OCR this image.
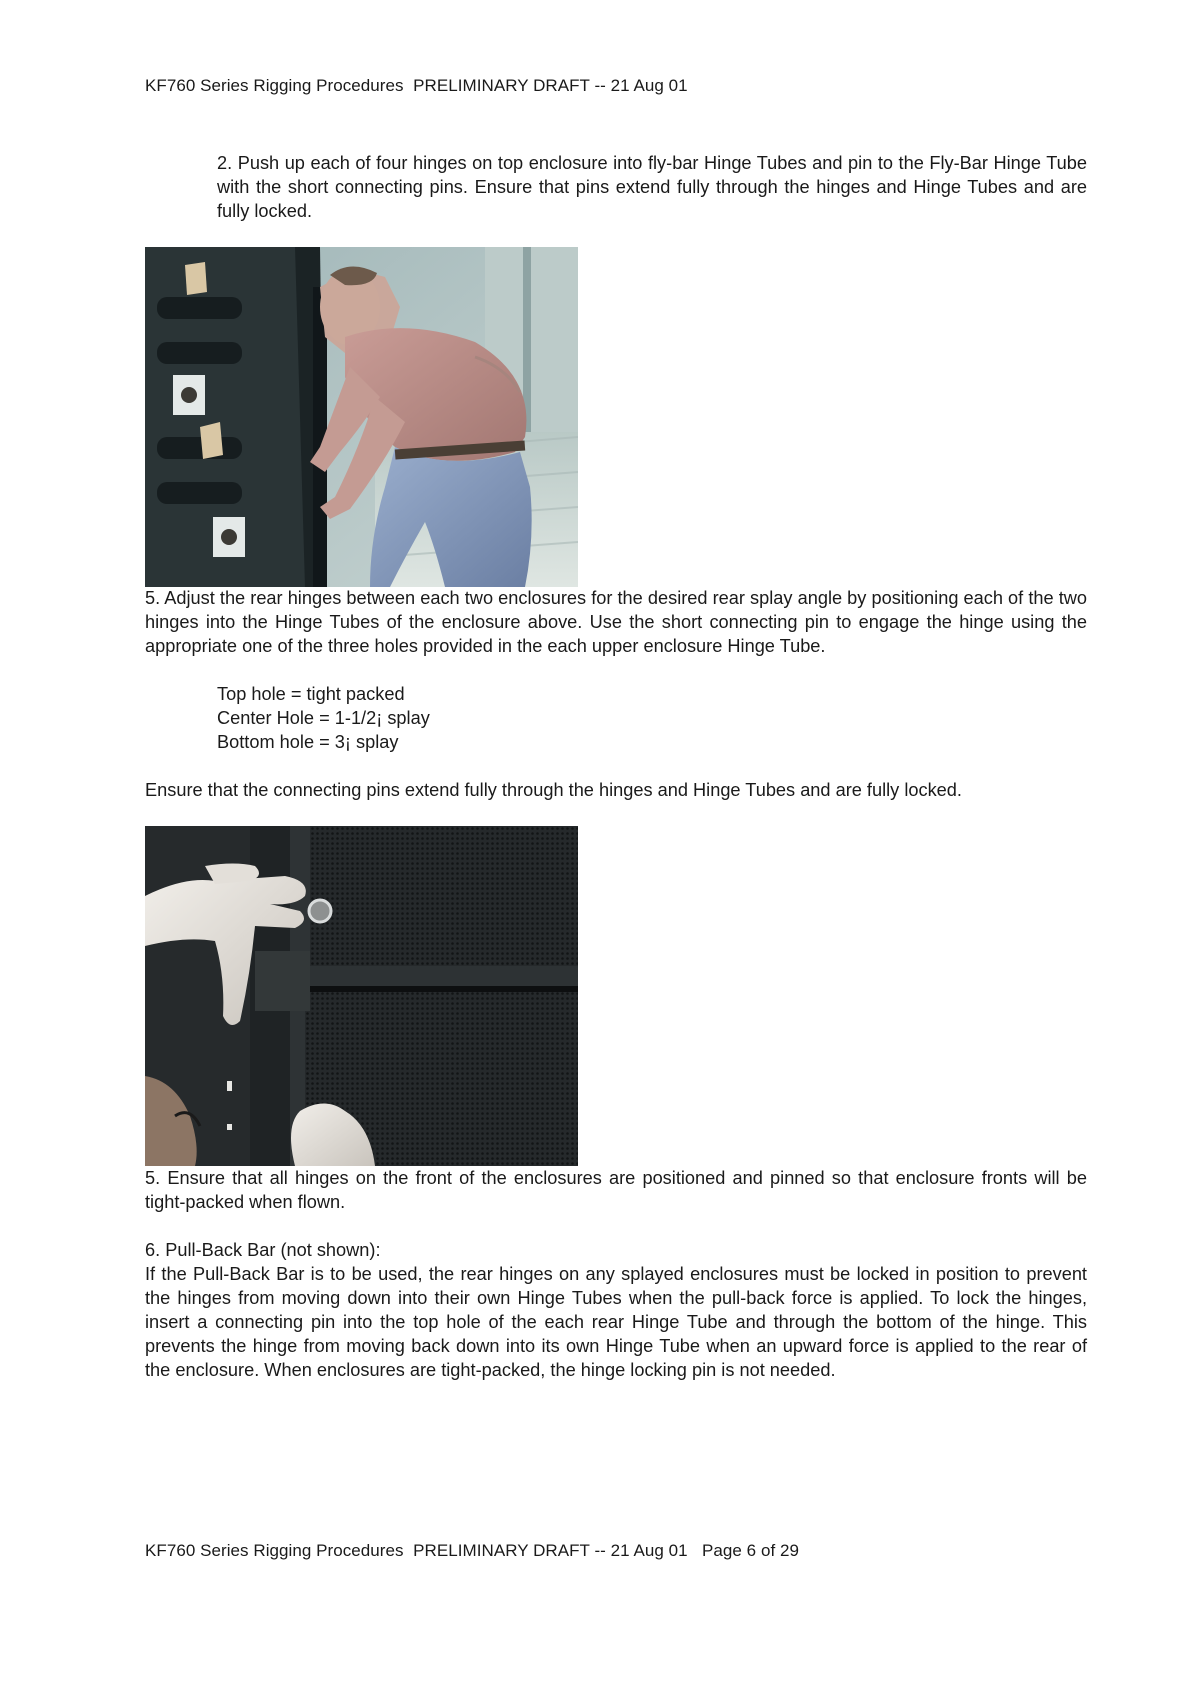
KF760 Series Rigging Procedures  PRELIMINARY DRAFT -- 21 Aug 01
2. Push up each of four hinges on top enclosure into fly-bar Hinge Tubes and pin to the Fly-Bar Hinge Tube with the short connecting pins. Ensure that pins extend fully through the hinges and Hinge Tubes and are fully locked.
5. Adjust the rear hinges between each two enclosures for the desired rear splay angle by positioning each of the two hinges into the Hinge Tubes of the enclosure above. Use the short connecting pin to engage the hinge using the appropriate one of the three holes provided in the each upper enclosure Hinge Tube.
Top hole = tight packed
Center Hole = 1-1/2¡ splay
Bottom hole = 3¡ splay
Ensure that the connecting pins extend fully through the hinges and Hinge Tubes and are fully locked.
5. Ensure that all hinges on the front of the enclosures are positioned and pinned so that enclosure fronts will be tight-packed when flown.
6. Pull-Back Bar (not shown):
If the Pull-Back Bar is to be used, the rear hinges on any splayed enclosures must be locked in position to prevent the hinges from moving down into their own Hinge Tubes when the pull-back force is applied. To lock the hinges, insert a connecting pin into the top hole of the each rear Hinge Tube and through the bottom of the hinge. This prevents the hinge from moving back down into its own Hinge Tube when an upward force is applied to the rear of the enclosure. When enclosures are tight-packed, the hinge locking pin is not needed.
KF760 Series Rigging Procedures  PRELIMINARY DRAFT -- 21 Aug 01   Page 6 of 29
